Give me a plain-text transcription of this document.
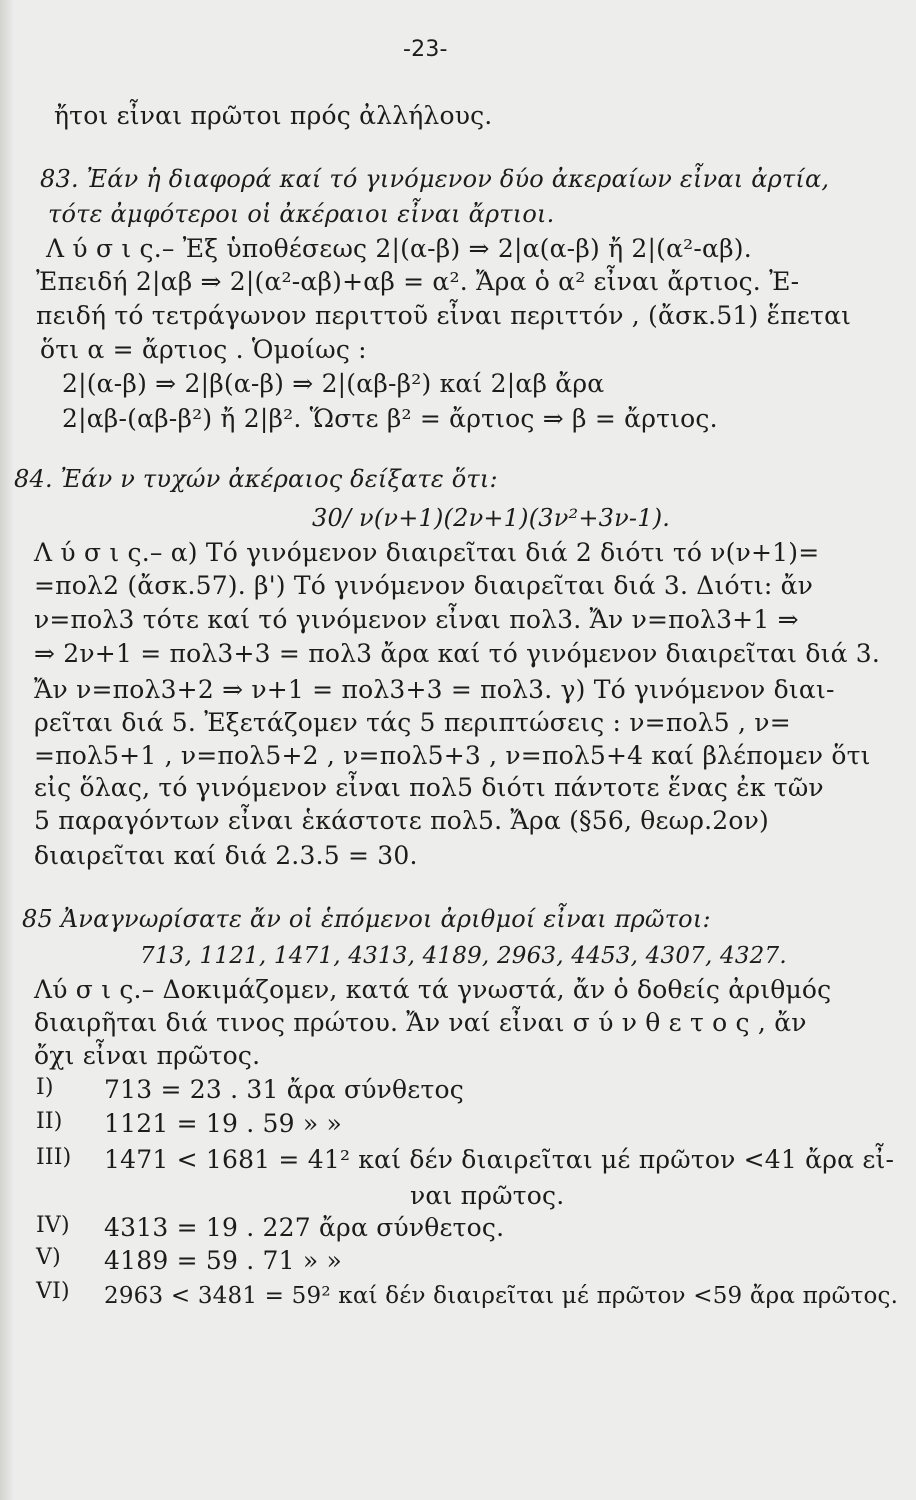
-23-
ἤτοι εἶναι πρῶτοι πρός ἀλλήλους.
83. Ἐάν ἡ διαφορά καί τό γινόμενον δύο ἀκεραίων εἶναι ἀρτία,
τότε ἀμφότεροι οἱ ἀκέραιοι εἶναι ἄρτιοι.
Λ ύ σ ι ς.– Ἐξ ὑποθέσεως 2|(α-β) ⇒ 2|α(α-β) ἤ 2|(α²-αβ).
Ἐπειδή 2|αβ ⇒ 2|(α²-αβ)+αβ = α². Ἄρα ὁ α² εἶναι ἄρτιος. Ἐ-
πειδή τό τετράγωνον περιττοῦ εἶναι περιττόν , (ἄσκ.51) ἕπεται
ὅτι α = ἄρτιος . Ὁμοίως :
2|(α-β) ⇒ 2|β(α-β) ⇒ 2|(αβ-β²) καί 2|αβ ἄρα
2|αβ-(αβ-β²) ἤ 2|β². Ὥστε β² = ἄρτιος ⇒ β = ἄρτιος.
84. Ἐάν ν τυχών ἀκέραιος δείξατε ὅτι:
30/ ν(ν+1)(2ν+1)(3ν²+3ν-1).
Λ ύ σ ι ς.– α) Τό γινόμενον διαιρεῖται διά 2 διότι τό ν(ν+1)=
=πολ2 (ἄσκ.57). β') Τό γινόμενον διαιρεῖται διά 3. Διότι: ἄν
ν=πολ3 τότε καί τό γινόμενον εἶναι πολ3. Ἄν ν=πολ3+1 ⇒
⇒ 2ν+1 = πολ3+3 = πολ3 ἄρα καί τό γινόμενον διαιρεῖται διά 3.
Ἄν ν=πολ3+2 ⇒ ν+1 = πολ3+3 = πολ3. γ) Τό γινόμενον διαι-
ρεῖται διά 5. Ἐξετάζομεν τάς 5 περιπτώσεις : ν=πολ5 , ν=
=πολ5+1 , ν=πολ5+2 , ν=πολ5+3 , ν=πολ5+4 καί βλέπομεν ὅτι
εἰς ὅλας, τό γινόμενον εἶναι πολ5 διότι πάντοτε ἕνας ἐκ τῶν
5 παραγόντων εἶναι ἑκάστοτε πολ5. Ἄρα (§56, θεωρ.2ον)
διαιρεῖται καί διά 2.3.5 = 30.
85 Ἀναγνωρίσατε ἄν οἱ ἑπόμενοι ἀριθμοί εἶναι πρῶτοι:
713, 1121, 1471, 4313, 4189, 2963, 4453, 4307, 4327.
Λύ σ ι ς.– Δοκιμάζομεν, κατά τά γνωστά, ἄν ὁ δοθείς ἀριθμός
διαιρῆται διά τινος πρώτου. Ἄν ναί εἶναι σ ύ ν θ ε τ ο ς , ἄν
ὄχι εἶναι πρῶτος.
I) 713 = 23 . 31 ἄρα σύνθετος
II) 1121 = 19 . 59 » »
III) 1471 < 1681 = 41² καί δέν διαιρεῖται μέ πρῶτον <41 ἄρα εἶ-
ναι πρῶτος.
IV) 4313 = 19 . 227 ἄρα σύνθετος.
V) 4189 = 59 . 71 » »
VI) 2963 < 3481 = 59² καί δέν διαιρεῖται μέ πρῶτον <59 ἄρα πρῶτος.
